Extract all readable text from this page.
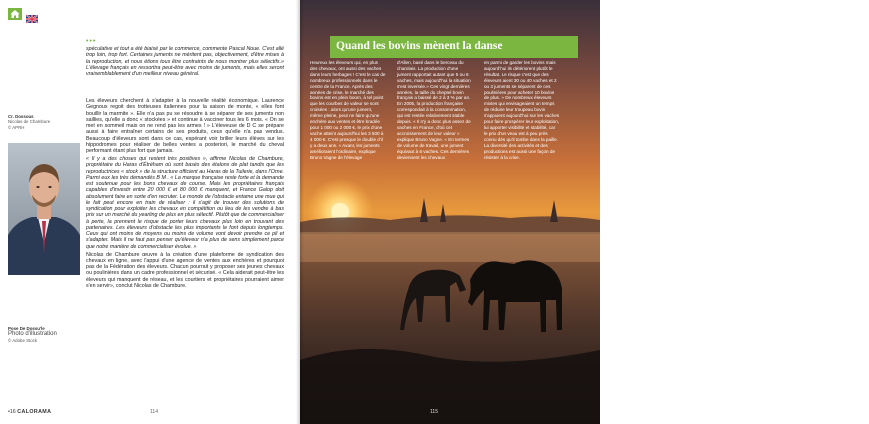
•••

spéculative et tout a été biaisé par le commerce, commente Pascal Noue. C'est allé trop loin, trop fort. Certaines juments ne méritent pas, objectivement, d'être mises à la reproduction, et nous étions tous être contraints de nous montrer plus sélectifs.» L'élevage français en ressortira peut-être avec moins de juments, mais elles seront vraisemblablement d'un meilleur niveau général.

Les éleveurs cherchent à s'adapter à la nouvelle réalité économique. Laurence Gegnoux regoit des trotteuses italiennes pour la saison de monte, « elles font bouillir la marmite ». Elle n'a pas pu se résoudre à se séparer de ses juments non saillies, qu'elle a donc « stockées » et continue à vacciner tous les 6 mois. « On se met en sommeil mais on ne rend pas les armes ! » L'éleveuse de D C se prépare aussi à faire entraîner certains de ses produits, ceux qu'elle n'a pas vendus. Beaucoup d'éleveurs sont dans ce cas, espérant voir briller leurs élèves sur les hippodromes pour réaliser de belles ventes a posteriori, le marché du cheval performant étant plus fort que jamais.

« Il y a des choses qui restent très positives », affirme Nicolas de Chambure, propriétaire du Haras d'Étréham où sont basés des étalons de plat tandis que les reproductrices « stock » de la structure officient au Haras de la Tuilerie, dans l'Orne. Parmi eux les très demandés B M . « La marque française reste forte et la demande est soutenue pour les bons chevaux de course. Mais les propriétaires français capables d'investir entre 20 000 € et 80 000 € manquent, et France Galop doit absolument faire en sorte d'en recruter. Le monde de l'obstacle entame une mue qui le fait peut encore en train de réaliser : il s'agit de trouver des solutions de syndication pour exploiter les chevaux en compétition ou lieu de les vendre à bas prix sur un marché du yearling de plus en plus sélectif. Plutôt que de commercialiser à perte, la prennent le risque de porter leurs chevaux plus loin en trouvant des partenaires. Les éleveurs d'obstacle les plus importants le font depuis longtemps. Ceux qui ont moins de moyens ou moins de volume vont devoir prendre ce pli et s'adapter. Mais il ne faut pas penser qu'éleveur n'a plus de sens simplement parce que notre manière de commercialiser évolue. »

Nicolas de Chambure œuvre à la création d'une plateforme de syndication des chevaux en ligne, avec l'appui d'une agence de ventes aux enchères et pourquoi pas de la Fédération des éleveurs. Chacun pourrait y proposer ses jeunes chevaux ou poulinières dans un cadre professionnel et sécurisé. « Cela aiderait peut-être les éleveurs qui manquent de réseau, et les courtiers et propriétaires pourraient aimer s'en servir», conclut Nicolas de Chambure.

Cr. Dossous
Nicolas de Chambure
© APRH
Pose De Dossu'le
Photo d'illustration
© Adobe Stock
•16 CALORAMA	114	CALORAMA •16
115
Quand les bovins mènent la danse
Heureux les éleveurs qui, en plus des chevaux, ont aussi des vaches dans leurs herbages ! C'est le cas de nombreux professionnels dans le centre de la France. Après des années de crise, le marché des bovins est en plein boom, à tel point que les courbes de valeur se sont croisées : alors qu'une jument, même pleine, peut ne faire qu'une enchère aux ventes et être bradée pour 1 000 ou 2 000 €, le prix d'une vache atteint aujourd'hui les 3 500 à 4 000 €. C'est presque le double d'il y a deux ans. « Avant, les juments amélioraient l'ordinaire, explique Bruno Vagne de l'élevage
d'Allen, basé dans le berceau du charolais. La production d'une jument rapportait autant que 5 ou 6 vaches, mais aujourd'hui la situation s'est inversée.» Ces vingt dernières années, la taille du cheptel bovin français a baissé de 2 à 3 % par an. En 2005, la production française correspondait à la consommation, qui est restée relativement stable depuis. « Il n'y a donc plus assez de vaches en France, d'où cet accroissement de leur valeur » explique Bruno Vagne. « En termes de volume de travail, une jument équivaut à 6 vaches. Ces dernières deviennent les chevaux
en parmi de garder les bovins mais aujourd'hui ils détériorent plutôt le résultat. Le risque c'est que des éleveurs aient 30 ou 40 vaches et 2 ou 3 juments se séparent de ces poulinières pour acheter 10 bovins de plus. » De nombreux éleveurs mixtes qui envisageaient un temps de réduire leur troupeau bovin s'appuient aujourd'hui sur les vaches pour faire prospérer leur exploitation, lui apporter visibilité et stabilité, car le prix d'un veau est à peu près connu dès qu'il tombe dans la paille. La diversité des activités et des productions est aussi une façon de résister à la crise.
